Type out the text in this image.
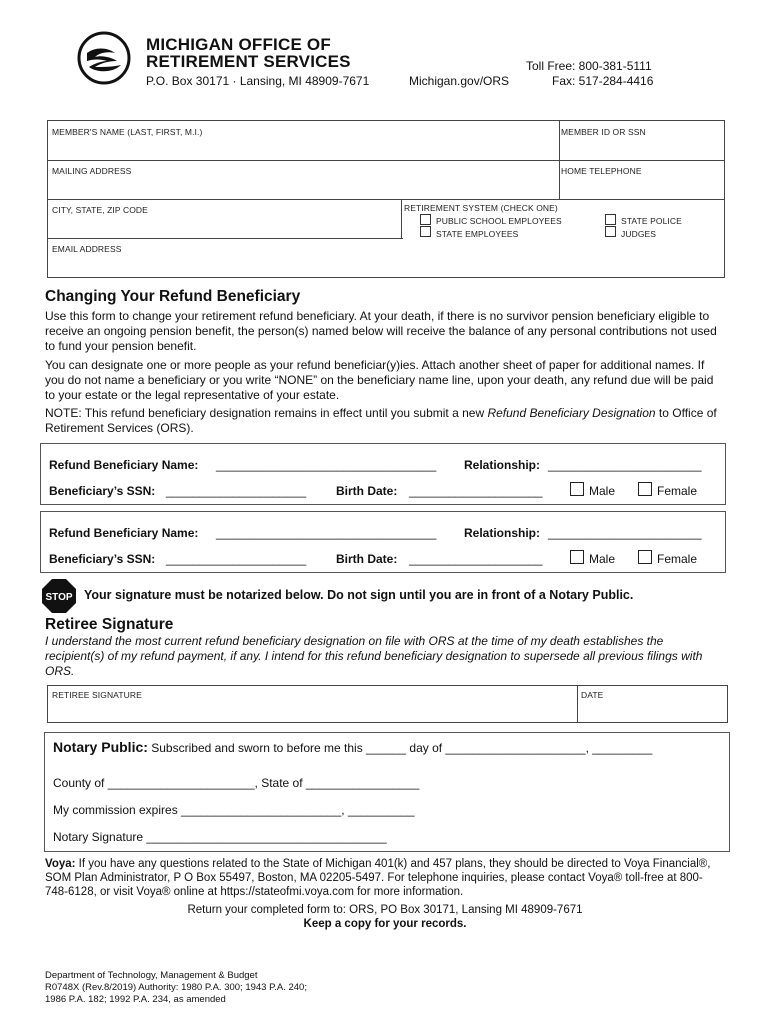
MICHIGAN OFFICE OF
RETIREMENT SERVICES
P.O. Box 30171 · Lansing, MI 48909-7671	Michigan.gov/ORS
Toll Free: 800-381-5111
Fax: 517-284-4416
MEMBER'S NAME (LAST, FIRST, M.I.)	MEMBER ID OR SSN
MAILING ADDRESS	HOME TELEPHONE
CITY, STATE, ZIP CODE	RETIREMENT SYSTEM (CHECK ONE)
PUBLIC SCHOOL EMPLOYEES
STATE EMPLOYEES
STATE POLICE
JUDGES
EMAIL ADDRESS
Changing Your Refund Beneficiary

Use this form to change your retirement refund beneficiary. At your death, if there is no survivor pension beneficiary eligible to receive an ongoing pension benefit, the person(s) named below will receive the balance of any personal contributions not used to fund your pension benefit.

You can designate one or more people as your refund beneficiar(y)ies. Attach another sheet of paper for additional names. If you do not name a beneficiary or you write “NONE” on the beneficiary name line, upon your death, any refund due will be paid to your estate or the legal representative of your estate.

NOTE: This refund beneficiary designation remains in effect until you submit a new Refund Beneficiary Designation to Office of Retirement Services (ORS).

Refund Beneficiary Name: _________________________________ Relationship: _______________________
Beneficiary’s SSN: _____________________ Birth Date: ____________________	Male	Female
Refund Beneficiary Name: _________________________________ Relationship: _______________________
Beneficiary’s SSN: _____________________ Birth Date: ____________________	Male	Female
STOP Your signature must be notarized below. Do not sign until you are in front of a Notary Public.
Retiree Signature

I understand the most current refund beneficiary designation on file with ORS at the time of my death establishes the recipient(s) of my refund payment, if any. I intend for this refund beneficiary designation to supersede all previous filings with ORS.

RETIREE SIGNATURE	DATE
Notary Public: Subscribed and sworn to before me this ______ day of _____________________, _________
County of ______________________, State of _________________
My commission expires ________________________, __________
Notary Signature ____________________________________

Voya: If you have any questions related to the State of Michigan 401(k) and 457 plans, they should be directed to Voya Financial®, SOM Plan Administrator, P O Box 55497, Boston, MA 02205-5497. For telephone inquiries, please contact Voya® toll-free at 800-748-6128, or visit Voya® online at https://stateofmi.voya.com for more information.

Return your completed form to: ORS, PO Box 30171, Lansing MI 48909-7671
Keep a copy for your records.
Department of Technology, Management & Budget
R0748X (Rev.8/2019) Authority: 1980 P.A. 300; 1943 P.A. 240;
1986 P.A. 182; 1992 P.A. 234, as amended
